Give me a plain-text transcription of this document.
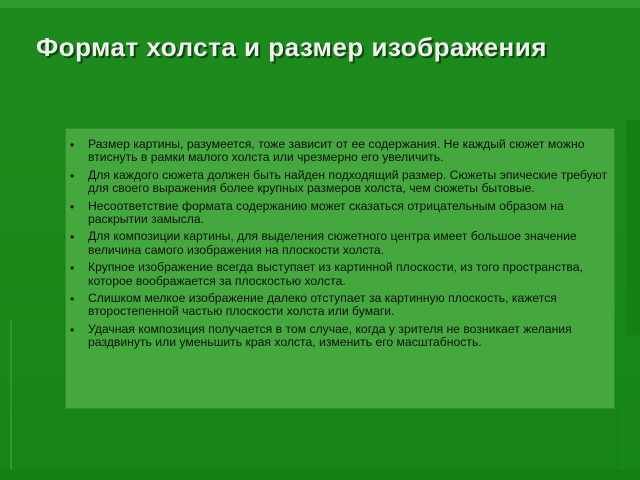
Формат холста и размер изображения
• Размер картины, разумеется, тоже зависит от ее содержания. Не каждый сюжет можно втиснуть в рамки малого холста или чрезмерно его увеличить.
• Для каждого сюжета должен быть найден подходящий размер. Сюжеты эпические требуют для своего выражения более крупных размеров холста, чем сюжеты бытовые.
• Несоответствие формата содержанию может сказаться отрицательным образом на раскрытии замысла.
• Для композиции картины, для выделения сюжетного центра имеет большое значение величина самого изображения на плоскости холста.
• Крупное изображение всегда выступает из картинной плоскости, из того пространства, которое воображается за плоскостью холста.
• Слишком мелкое изображение далеко отступает за картинную плоскость, кажется второстепенной частью плоскости холста или бумаги.
• Удачная композиция получается в том случае, когда у зрителя не возникает желания раздвинуть или уменьшить края холста, изменить его масштабность.
